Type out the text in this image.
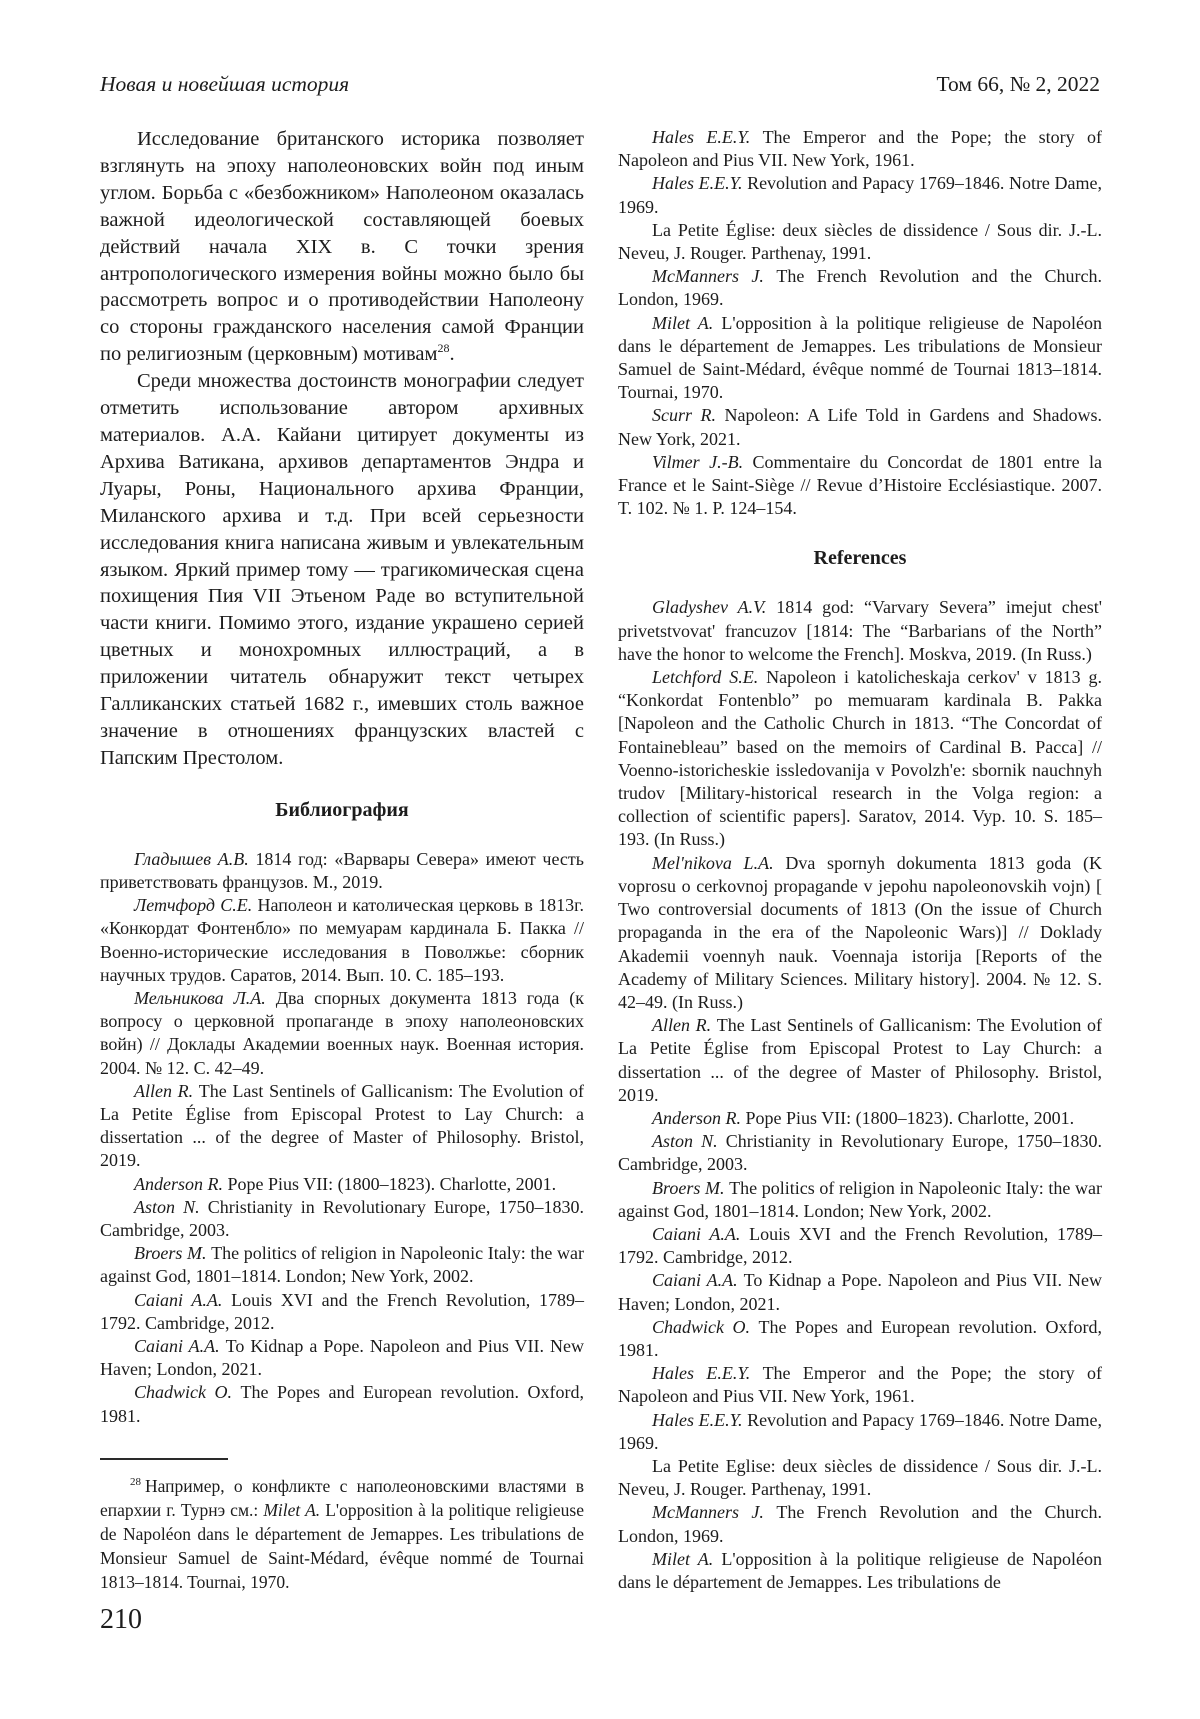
Новая и новейшая история	Том 66, № 2, 2022

Исследование британского историка позволяет взглянуть на эпоху наполеоновских войн под иным углом. Борьба с «безбожником» Наполеоном оказалась важной идеологической составляющей боевых действий начала XIX в. С точки зрения антропологического измерения войны можно было бы рассмотреть вопрос и о противодействии Наполеону со стороны гражданского населения самой Франции по религиозным (церковным) мотивам$^{28}$.

Среди множества достоинств монографии следует отметить использование автором архивных материалов. А.А. Кайани цитирует документы из Архива Ватикана, архивов департаментов Эндра и Луары, Роны, Национального архива Франции, Миланского архива и т.д. При всей серьезности исследования книга написана живым и увлекательным языком. Яркий пример тому — трагикомическая сцена похищения Пия VII Этьеном Раде во вступительной части книги. Помимо этого, издание украшено серией цветных и монохромных иллюстраций, а в приложении читатель обнаружит текст четырех Галликанских статьей 1682 г., имевших столь важное значение в отношениях французских властей с Папским Престолом.

Библиография

Гладышев А.В. 1814 год: «Варвары Севера» имеют честь приветствовать французов. М., 2019.

Летчфорд С.Е. Наполеон и католическая церковь в 1813г. «Конкордат Фонтенбло» по мемуарам кардинала Б. Пакка // Военно-исторические исследования в Поволжье: сборник научных трудов. Саратов, 2014. Вып. 10. С. 185–193.

Мельникова Л.А. Два спорных документа 1813 года (к вопросу о церковной пропаганде в эпоху наполеоновских войн) // Доклады Академии военных наук. Военная история. 2004. № 12. С. 42–49.

Allen R. The Last Sentinels of Gallicanism: The Evolution of La Petite Église from Episcopal Protest to Lay Church: a dissertation ... of the degree of Master of Philosophy. Bristol, 2019.

Anderson R. Pope Pius VII: (1800–1823). Charlotte, 2001.

Aston N. Christianity in Revolutionary Europe, 1750–1830. Cambridge, 2003.

Broers M. The politics of religion in Napoleonic Italy: the war against God, 1801–1814. London; New York, 2002.

Caiani A.A. Louis XVI and the French Revolution, 1789–1792. Cambridge, 2012.

Caiani A.A. To Kidnap a Pope. Napoleon and Pius VII. New Haven; London, 2021.

Chadwick O. The Popes and European revolution. Oxford, 1981.

$^{28}$ Например, о конфликте с наполеоновскими властями в епархии г. Турнэ см.: Milet A. L'opposition à la politique religieuse de Napoléon dans le département de Jemappes. Les tribulations de Monsieur Samuel de Saint-Médard, évêque nommé de Tournai 1813–1814. Tournai, 1970.

Hales E.E.Y. The Emperor and the Pope; the story of Napoleon and Pius VII. New York, 1961.

Hales E.E.Y. Revolution and Papacy 1769–1846. Notre Dame, 1969.

La Petite Église: deux siècles de dissidence / Sous dir. J.-L. Neveu, J. Rouger. Parthenay, 1991.

McManners J. The French Revolution and the Church. London, 1969.

Milet A. L'opposition à la politique religieuse de Napoléon dans le département de Jemappes. Les tribulations de Monsieur Samuel de Saint-Médard, évêque nommé de Tournai 1813–1814. Tournai, 1970.

Scurr R. Napoleon: A Life Told in Gardens and Shadows. New York, 2021.

Vilmer J.-B. Commentaire du Concordat de 1801 entre la France et le Saint-Siège // Revue d’Histoire Ecclésiastique. 2007. T. 102. № 1. P. 124–154.

References

Gladyshev A.V. 1814 god: “Varvary Severa” imejut chest' privetstvovat' francuzov [1814: The “Barbarians of the North” have the honor to welcome the French]. Moskva, 2019. (In Russ.)

Letchford S.E. Napoleon i katolicheskaja cerkov' v 1813 g. “Konkordat Fontenblo” po memuaram kardinala B. Pakka [Napoleon and the Catholic Church in 1813. “The Concordat of Fontainebleau” based on the memoirs of Cardinal B. Pacca] // Voenno-istoricheskie issledovanija v Povolzh'e: sbornik nauchnyh trudov [Military-historical research in the Volga region: a collection of scientific papers]. Saratov, 2014. Vyp. 10. S. 185–193. (In Russ.)

Mel'nikova L.A. Dva spornyh dokumenta 1813 goda (K voprosu o cerkovnoj propagande v jepohu napoleonovskih vojn) [ Two controversial documents of 1813 (On the issue of Church propaganda in the era of the Napoleonic Wars)] // Doklady Akademii voennyh nauk. Voennaja istorija [Reports of the Academy of Military Sciences. Military history]. 2004. № 12. S. 42–49. (In Russ.)

Allen R. The Last Sentinels of Gallicanism: The Evolution of La Petite Église from Episcopal Protest to Lay Church: a dissertation ... of the degree of Master of Philosophy. Bristol, 2019.

Anderson R. Pope Pius VII: (1800–1823). Charlotte, 2001.

Aston N. Christianity in Revolutionary Europe, 1750–1830. Cambridge, 2003.

Broers M. The politics of religion in Napoleonic Italy: the war against God, 1801–1814. London; New York, 2002.

Caiani A.A. Louis XVI and the French Revolution, 1789–1792. Cambridge, 2012.

Caiani A.A. To Kidnap a Pope. Napoleon and Pius VII. New Haven; London, 2021.

Chadwick O. The Popes and European revolution. Oxford, 1981.

Hales E.E.Y. The Emperor and the Pope; the story of Napoleon and Pius VII. New York, 1961.

Hales E.E.Y. Revolution and Papacy 1769–1846. Notre Dame, 1969.

La Petite Eglise: deux siècles de dissidence / Sous dir. J.-L. Neveu, J. Rouger. Parthenay, 1991.

McManners J. The French Revolution and the Church. London, 1969.

Milet A. L'opposition à la politique religieuse de Napoléon dans le département de Jemappes. Les tribulations de

210
